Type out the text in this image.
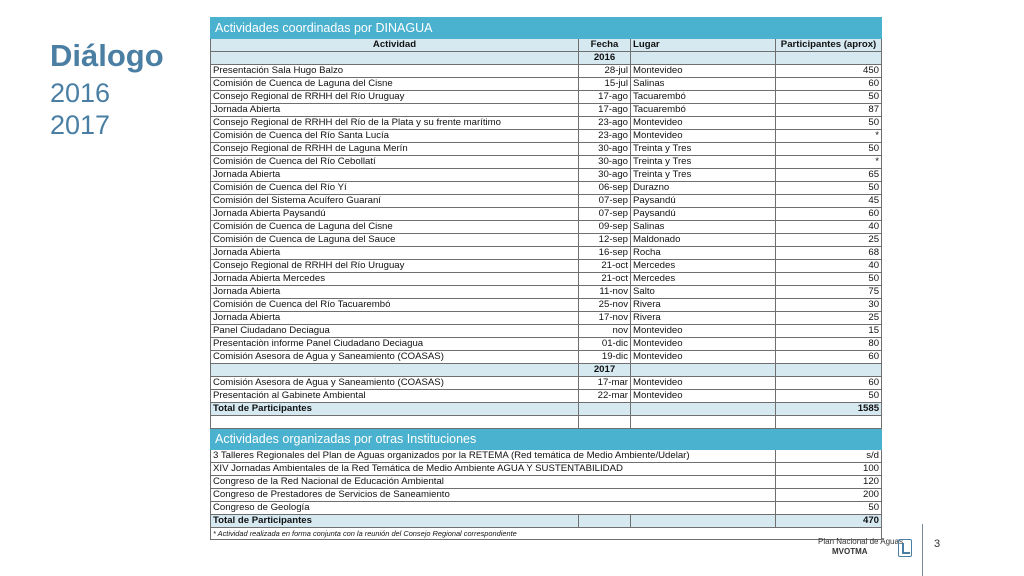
Diálogo
2016
2017
Actividades coordinadas por DINAGUA			
Actividad	Fecha	Lugar	Participantes (aprox)
	2016		
Presentación Sala Hugo Balzo	28-jul	Montevideo	450
Comisión de Cuenca de Laguna del Cisne	15-jul	Salinas	60
Consejo Regional de RRHH del Río Uruguay	17-ago	Tacuarembó	50
Jornada Abierta	17-ago	Tacuarembó	87
Consejo Regional de RRHH del Río de la Plata y su frente marítimo	23-ago	Montevideo	50
Comisión de Cuenca del Río Santa Lucía	23-ago	Montevideo	*
Consejo Regional de RRHH de Laguna Merín	30-ago	Treinta y Tres	50
Comisión de Cuenca del Río Cebollatí	30-ago	Treinta y Tres	*
Jornada Abierta	30-ago	Treinta y Tres	65
Comisión de Cuenca del Río Yí	06-sep	Durazno	50
Comisión del Sistema Acuífero Guaraní	07-sep	Paysandú	45
Jornada Abierta Paysandú	07-sep	Paysandú	60
Comisión de Cuenca de Laguna del Cisne	09-sep	Salinas	40
Comisión de Cuenca de Laguna del Sauce	12-sep	Maldonado	25
Jornada Abierta	16-sep	Rocha	68
Consejo Regional de RRHH del Río Uruguay	21-oct	Mercedes	40
Jornada Abierta Mercedes	21-oct	Mercedes	50
Jornada Abierta	11-nov	Salto	75
Comisión de Cuenca del Río Tacuarembó	25-nov	Rivera	30
Jornada Abierta	17-nov	Rivera	25
Panel Ciudadano Deciagua	nov	Montevideo	15
Presentaciòn informe Panel Ciudadano Deciagua	01-dic	Montevideo	80
Comisión Asesora de Agua y Saneamiento (COASAS)	19-dic	Montevideo	60
	2017		
Comisión Asesora de Agua y Saneamiento (COASAS)	17-mar	Montevideo	60
Presentación al Gabinete Ambiental	22-mar	Montevideo	50
Total de Participantes			1585

Actividades organizadas por otras Instituciones			
3 Talleres Regionales del Plan de Aguas organizados por la RETEMA (Red temática de Medio Ambiente/Udelar)			s/d
XIV Jornadas Ambientales de la Red Temática de Medio Ambiente AGUA Y SUSTENTABILIDAD			100
Congreso de la Red Nacional de Educación Ambiental			120
Congreso de Prestadores de Servicios de Saneamiento			200
Congreso de Geología			50
Total de Participantes			470
* Actividad realizada en forma conjunta con la reunión del Consejo Regional correspondiente			
Plan Nacional de Aguas
MVOTMA
3
